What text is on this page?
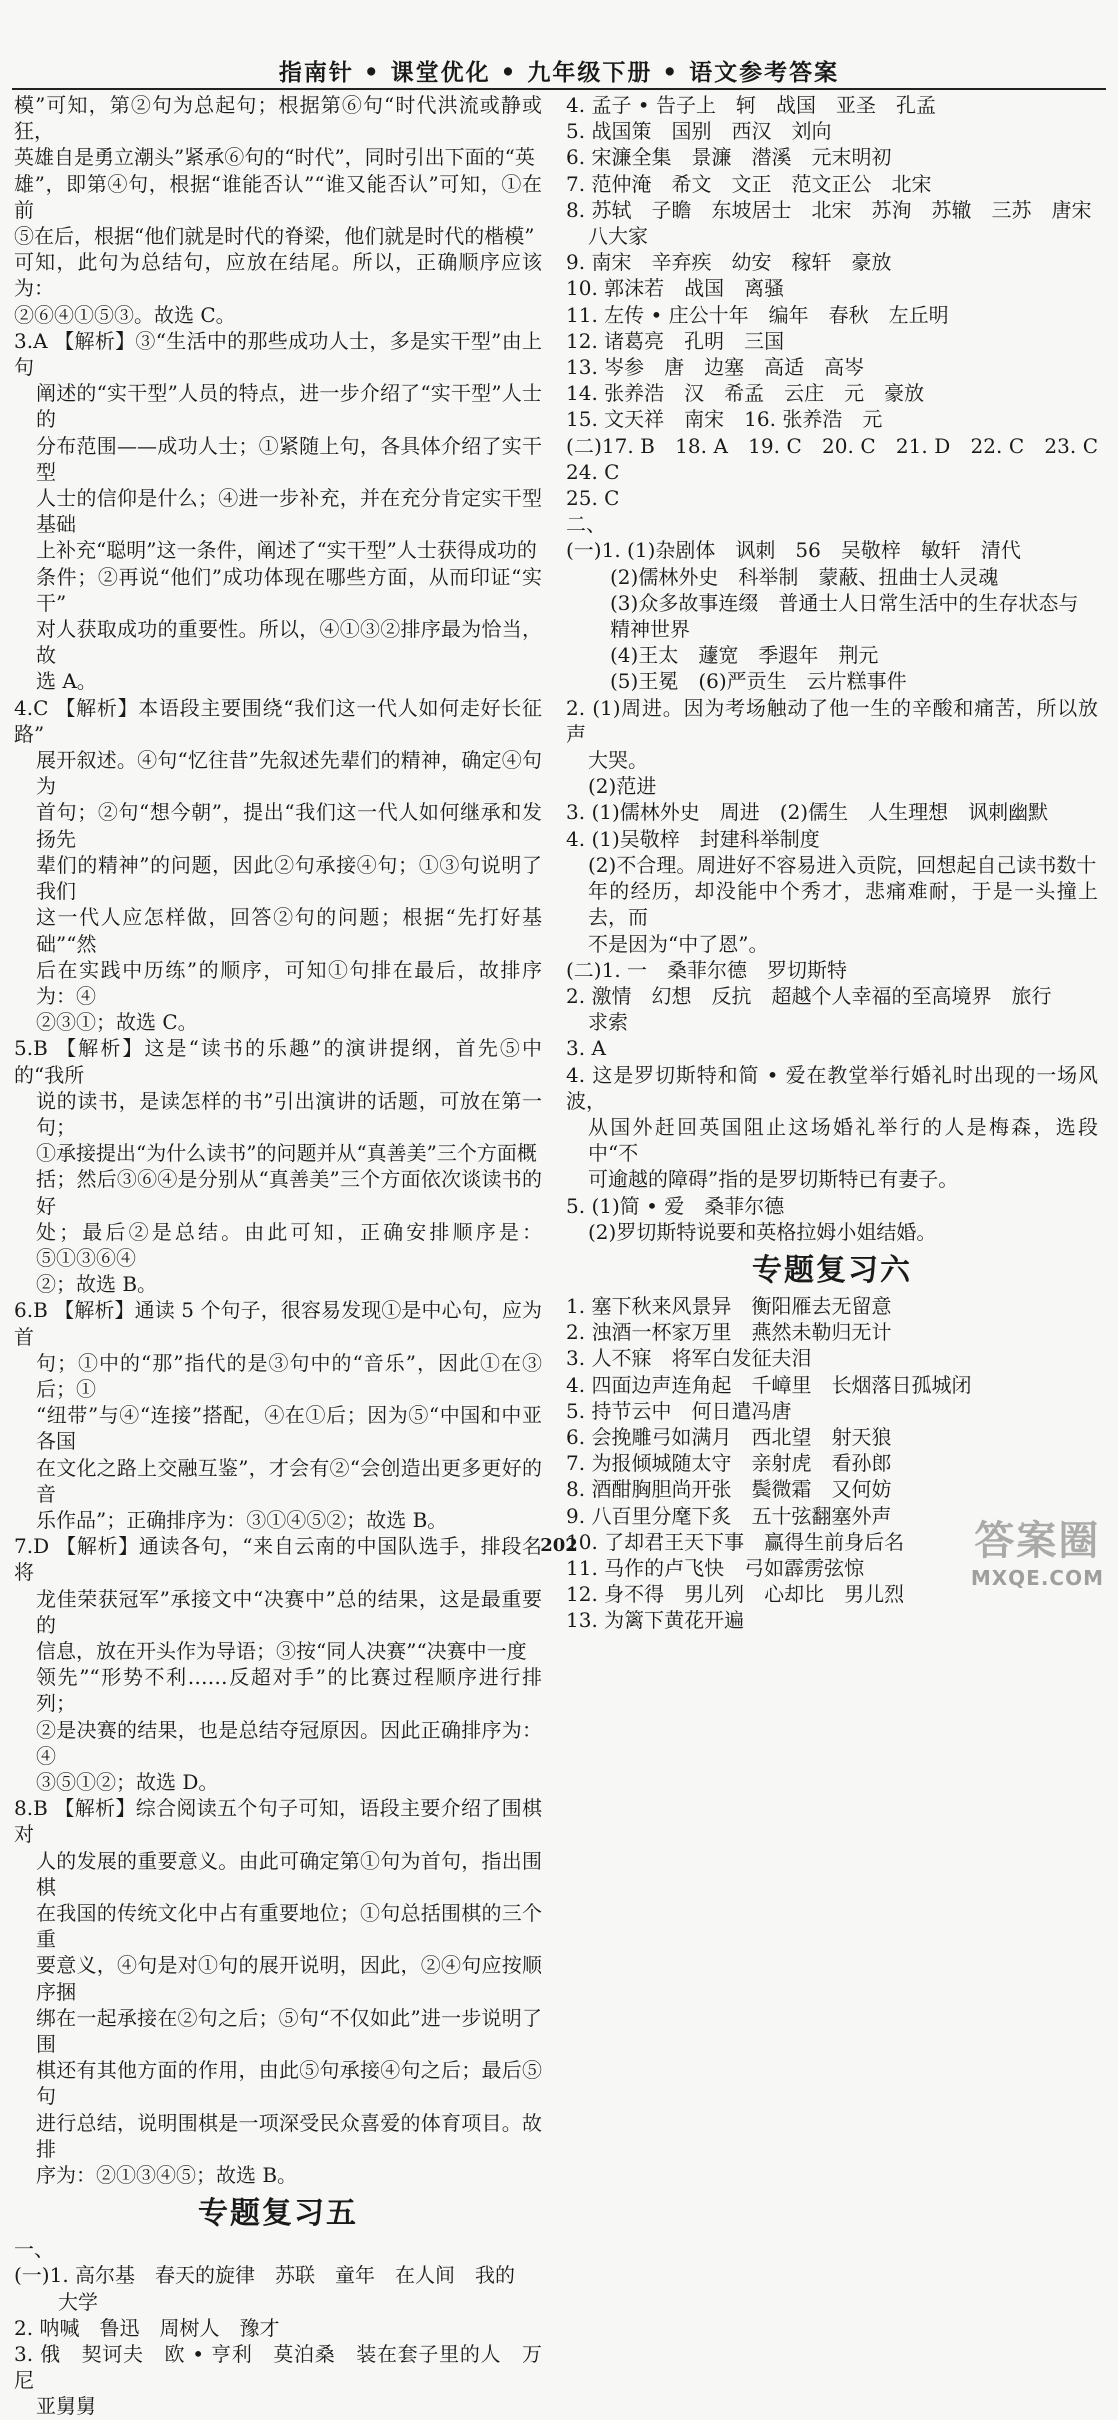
指南针 • 课堂优化 • 九年级下册 • 语文参考答案

模”可知，第②句为总起句；根据第⑥句“时代洪流或静或狂，

英雄自是勇立潮头”紧承⑥句的“时代”，同时引出下面的“英

雄”，即第④句，根据“谁能否认”“谁又能否认”可知，①在前

⑤在后，根据“他们就是时代的脊梁，他们就是时代的楷模”

可知，此句为总结句，应放在结尾。所以，正确顺序应该为：

②⑥④①⑤③。故选 C。

3.A 【解析】③“生活中的那些成功人士，多是实干型”由上句

阐述的“实干型”人员的特点，进一步介绍了“实干型”人士的

分布范围——成功人士；①紧随上句，各具体介绍了实干型

人士的信仰是什么；④进一步补充，并在充分肯定实干型基础

上补充“聪明”这一条件，阐述了“实干型”人士获得成功的

条件；②再说“他们”成功体现在哪些方面，从而印证“实干”

对人获取成功的重要性。所以，④①③②排序最为恰当，故

选 A。

4.C 【解析】本语段主要围绕“我们这一代人如何走好长征路”

展开叙述。④句“忆往昔”先叙述先辈们的精神，确定④句为

首句；②句“想今朝”，提出“我们这一代人如何继承和发扬先

辈们的精神”的问题，因此②句承接④句；①③句说明了我们

这一代人应怎样做，回答②句的问题；根据“先打好基础”“然

后在实践中历练”的顺序，可知①句排在最后，故排序为：④

②③①；故选 C。

5.B 【解析】这是“读书的乐趣”的演讲提纲，首先⑤中的“我所

说的读书，是读怎样的书”引出演讲的话题，可放在第一句；

①承接提出“为什么读书”的问题并从“真善美”三个方面概

括；然后③⑥④是分别从“真善美”三个方面依次谈读书的好

处；最后②是总结。由此可知，正确安排顺序是：⑤①③⑥④

②；故选 B。

6.B 【解析】通读 5 个句子，很容易发现①是中心句，应为首

句；①中的“那”指代的是③句中的“音乐”，因此①在③后；①

“纽带”与④“连接”搭配，④在①后；因为⑤“中国和中亚各国

在文化之路上交融互鉴”，才会有②“会创造出更多更好的音

乐作品”；正确排序为：③①④⑤②；故选 B。

7.D 【解析】通读各句，“来自云南的中国队选手，排段名将

龙佳荣获冠军”承接文中“决赛中”总的结果，这是最重要的

信息，放在开头作为导语；③按“同人决赛”“决赛中一度

领先”“形势不利……反超对手”的比赛过程顺序进行排列；

②是决赛的结果，也是总结夺冠原因。因此正确排序为：④

③⑤①②；故选 D。

8.B 【解析】综合阅读五个句子可知，语段主要介绍了围棋对

人的发展的重要意义。由此可确定第①句为首句，指出围棋

在我国的传统文化中占有重要地位；①句总括围棋的三个重

要意义，④句是对①句的展开说明，因此，②④句应按顺序捆

绑在一起承接在②句之后；⑤句“不仅如此”进一步说明了围

棋还有其他方面的作用，由此⑤句承接④句之后；最后⑤句

进行总结，说明围棋是一项深受民众喜爱的体育项目。故排

序为：②①③④⑤；故选 B。

专题复习五

一、

(一)1. 高尔基　春天的旋律　苏联　童年　在人间　我的

大学

2. 呐喊　鲁迅　周树人　豫才

3. 俄　契诃夫　欧 • 亨利　莫泊桑　装在套子里的人　万尼

亚舅舅

4. 孟子 • 告子上　轲　战国　亚圣　孔孟

5. 战国策　国别　西汉　刘向

6. 宋濂全集　景濂　潜溪　元末明初

7. 范仲淹　希文　文正　范文正公　北宋

8. 苏轼　子瞻　东坡居士　北宋　苏洵　苏辙　三苏　唐宋

八大家

9. 南宋　辛弃疾　幼安　稼轩　豪放

10. 郭沫若　战国　离骚

11. 左传 • 庄公十年　编年　春秋　左丘明

12. 诸葛亮　孔明　三国

13. 岑参　唐　边塞　高适　高岑

14. 张养浩　汉　希孟　云庄　元　豪放

15. 文天祥　南宋　16. 张养浩　元

(二)17. B　18. A　19. C　20. C　21. D　22. C　23. C　24. C

25. C

二、

(一)1. (1)杂剧体　讽刺　56　吴敬梓　敏轩　清代

(2)儒林外史　科举制　蒙蔽、扭曲士人灵魂

(3)众多故事连缀　普通士人日常生活中的生存状态与

精神世界

(4)王太　蘧宽　季遐年　荆元

(5)王冕　(6)严贡生　云片糕事件

2. (1)周进。因为考场触动了他一生的辛酸和痛苦，所以放声

大哭。

(2)范进

3. (1)儒林外史　周进　(2)儒生　人生理想　讽刺幽默

4. (1)吴敬梓　封建科举制度

(2)不合理。周进好不容易进入贡院，回想起自己读书数十

年的经历，却没能中个秀才，悲痛难耐，于是一头撞上去，而

不是因为“中了恩”。

(二)1. 一　桑菲尔德　罗切斯特

2. 激情　幻想　反抗　超越个人幸福的至高境界　旅行

求索

3. A

4. 这是罗切斯特和简 • 爱在教堂举行婚礼时出现的一场风波，

从国外赶回英国阻止这场婚礼举行的人是梅森，选段中“不

可逾越的障碍”指的是罗切斯特已有妻子。

5. (1)简 • 爱　桑菲尔德

(2)罗切斯特说要和英格拉姆小姐结婚。

专题复习六

1. 塞下秋来风景异　衡阳雁去无留意

2. 浊酒一杯家万里　燕然未勒归无计

3. 人不寐　将军白发征夫泪

4. 四面边声连角起　千嶂里　长烟落日孤城闭

5. 持节云中　何日遣冯唐

6. 会挽雕弓如满月　西北望　射天狼

7. 为报倾城随太守　亲射虎　看孙郎

8. 酒酣胸胆尚开张　鬓微霜　又何妨

9. 八百里分麾下炙　五十弦翻塞外声

10. 了却君王天下事　赢得生前身后名

11. 马作的卢飞快　弓如霹雳弦惊

12. 身不得　男儿列　心却比　男儿烈

13. 为篱下黄花开遍

202	答案圈
MXQE.COM
